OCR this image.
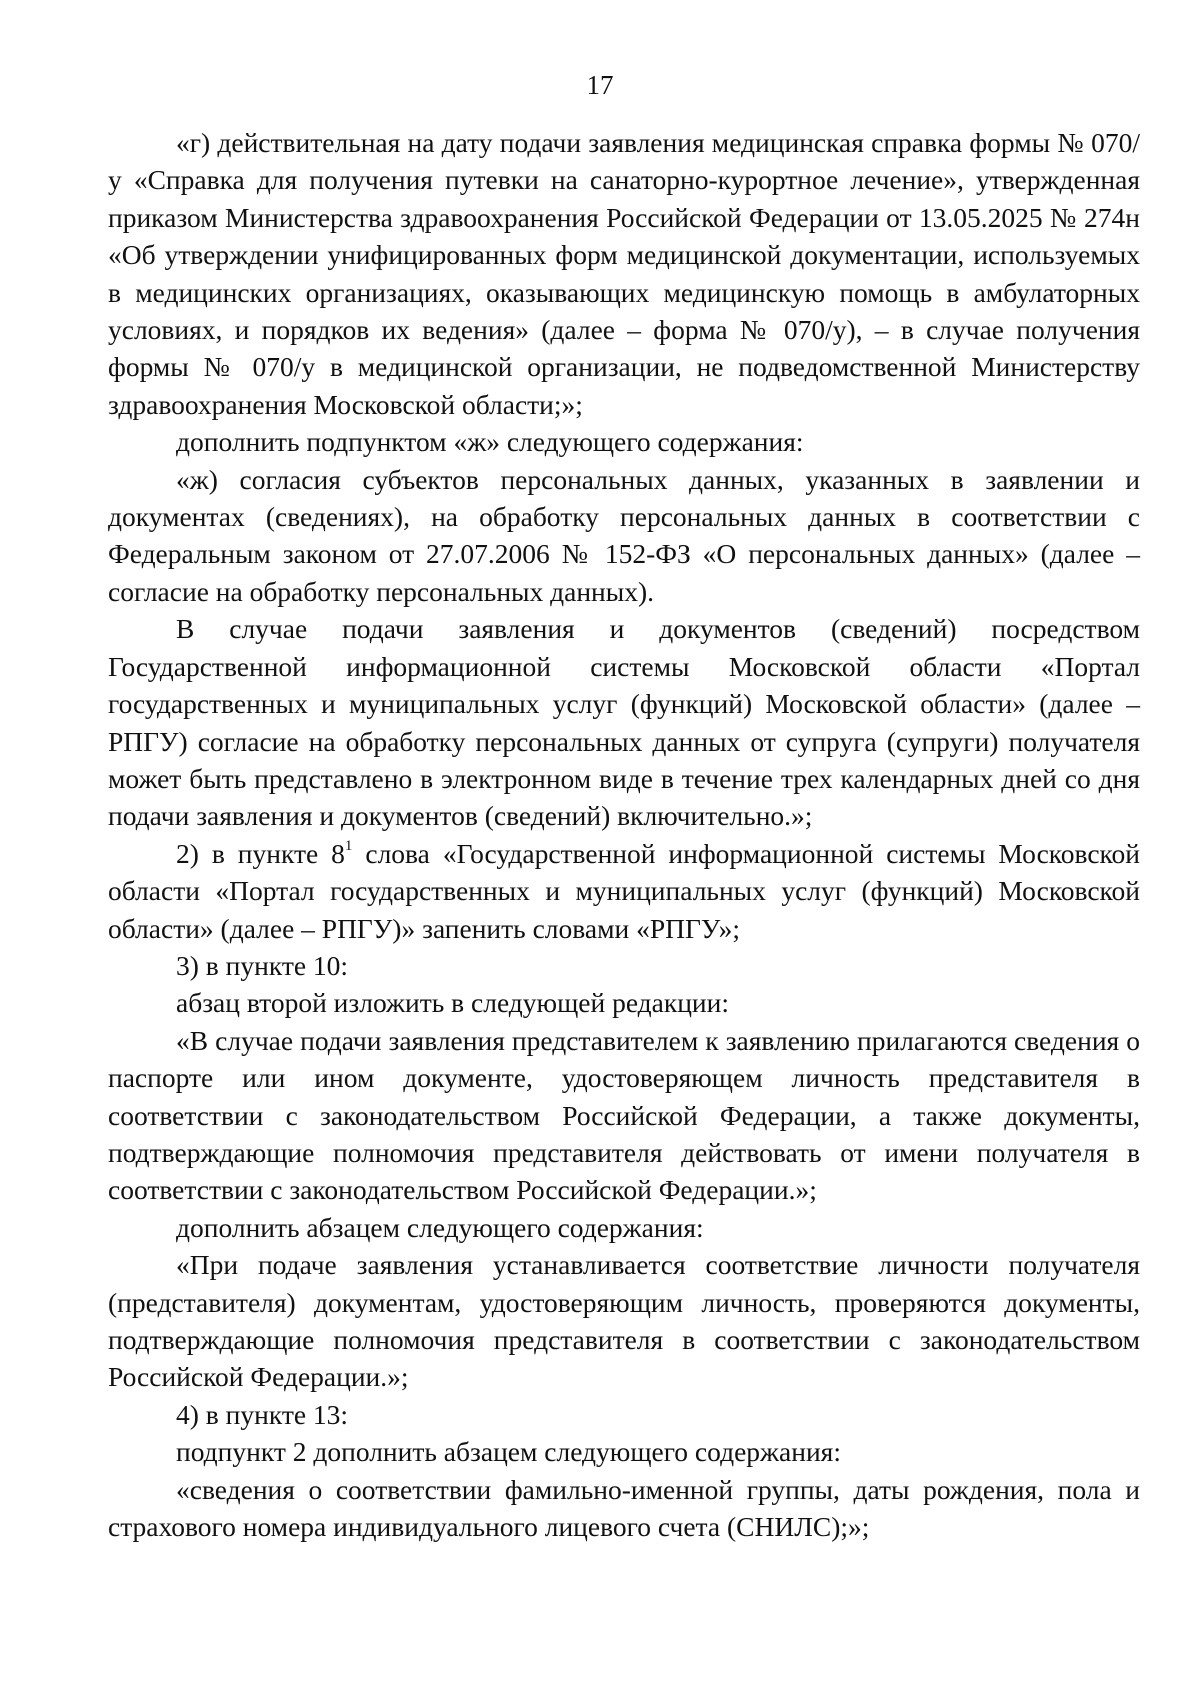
17

«г) действительная на дату подачи заявления медицинская справка формы № 070/у «Справка для получения путевки на санаторно-курортное лечение», утвержденная приказом Министерства здравоохранения Российской Федерации от 13.05.2025 № 274н «Об утверждении унифицированных форм медицинской документации, используемых в медицинских организациях, оказывающих медицинскую помощь в амбулаторных условиях, и порядков их ведения» (далее – форма № 070/у), – в случае получения формы № 070/у в медицинской организации, не подведомственной Министерству здравоохранения Московской области;»;

дополнить подпунктом «ж» следующего содержания:

«ж) согласия субъектов персональных данных, указанных в заявлении и документах (сведениях), на обработку персональных данных в соответствии с Федеральным законом от 27.07.2006 № 152-ФЗ «О персональных данных» (далее – согласие на обработку персональных данных).

В случае подачи заявления и документов (сведений) посредством Государственной информационной системы Московской области «Портал государственных и муниципальных услуг (функций) Московской области» (далее – РПГУ) согласие на обработку персональных данных от супруга (супруги) получателя может быть представлено в электронном виде в течение трех календарных дней со дня подачи заявления и документов (сведений) включительно.»;

2) в пункте $8^1$ слова «Государственной информационной системы Московской области «Портал государственных и муниципальных услуг (функций) Московской области» (далее – РПГУ)» запенить словами «РПГУ»;

3) в пункте 10:

абзац второй изложить в следующей редакции:

«В случае подачи заявления представителем к заявлению прилагаются сведения о паспорте или ином документе, удостоверяющем личность представителя в соответствии с законодательством Российской Федерации, а также документы, подтверждающие полномочия представителя действовать от имени получателя в соответствии с законодательством Российской Федерации.»;

дополнить абзацем следующего содержания:

«При подаче заявления устанавливается соответствие личности получателя (представителя) документам, удостоверяющим личность, проверяются документы, подтверждающие полномочия представителя в соответствии с законодательством Российской Федерации.»;

4) в пункте 13:

подпункт 2 дополнить абзацем следующего содержания:

«сведения о соответствии фамильно-именной группы, даты рождения, пола и страхового номера индивидуального лицевого счета (СНИЛС);»;
